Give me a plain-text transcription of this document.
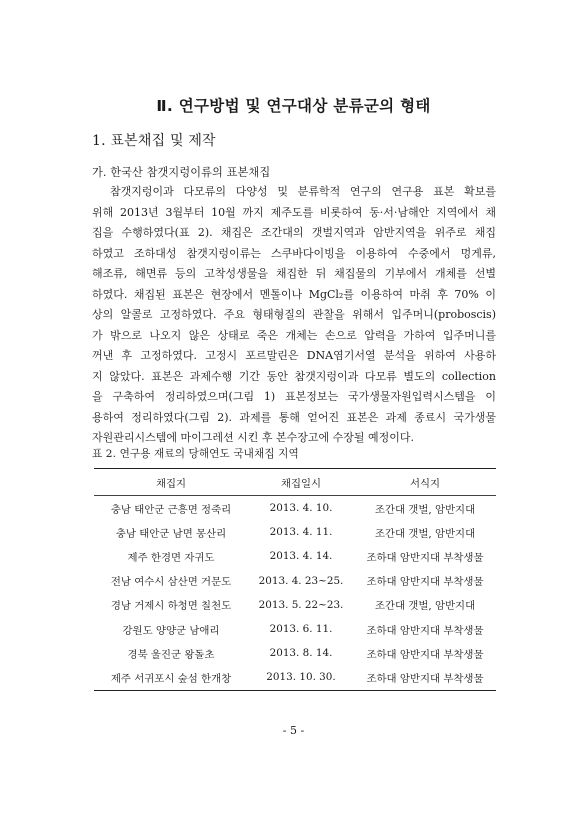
Ⅱ. 연구방법 및 연구대상 분류군의 형태
1. 표본채집 및 제작
가. 한국산 참갯지렁이류의 표본채집
참갯지렁이과 다모류의 다양성 및 분류학적 연구의 연구용 표본 확보를
위해 2013년 3월부터 10월 까지 제주도를 비롯하여 동·서·남해안 지역에서 채
집을 수행하였다(표 2). 채집은 조간대의 갯벌지역과 암반지역을 위주로 채집
하였고 조하대성 참갯지렁이류는 스쿠바다이빙을 이용하여 수중에서 멍게류,
해조류, 해면류 등의 고착성생물을 채집한 뒤 채집물의 기부에서 개체를 선별
하였다. 채집된 표본은 현장에서 멘톨이나 MgCl₂를 이용하여 마취 후 70% 이
상의 알콜로 고정하였다. 주요 형태형질의 관찰을 위해서 입주머니(proboscis)
가 밖으로 나오지 않은 상태로 죽은 개체는 손으로 압력을 가하여 입주머니를
꺼낸 후 고정하였다. 고정시 포르말린은 DNA염기서열 분석을 위하여 사용하
지 않았다. 표본은 과제수행 기간 동안 참갯지렁이과 다모류 별도의 collection
을 구축하여 정리하였으며(그림 1) 표본정보는 국가생물자원입력시스템을 이
용하여 정리하였다(그림 2). 과제를 통해 얻어진 표본은 과제 종료시 국가생물
자원관리시스템에 마이그레션 시킨 후 본수장고에 수장될 예정이다.
표 2. 연구용 재료의 당해연도 국내채집 지역
채집지	채집일시	서식지
충남 태안군 근흥면 정죽리	2013. 4. 10.	조간대 갯벌, 암반지대
충남 태안군 남면 몽산리	2013. 4. 11.	조간대 갯벌, 암반지대
제주 한경면 자귀도	2013. 4. 14.	조하대 암반지대 부착생물
전남 여수시 삼산면 거문도	2013. 4. 23~25.	조하대 암반지대 부착생물
경남 거제시 하청면 칠천도	2013. 5. 22~23.	조간대 갯벌, 암반지대
강원도 양양군 남애리	2013. 6. 11.	조하대 암반지대 부착생물
경북 울진군 왕돌초	2013. 8. 14.	조하대 암반지대 부착생물
제주 서귀포시 숲섬 한개창	2013. 10. 30.	조하대 암반지대 부착생물
- 5 -
